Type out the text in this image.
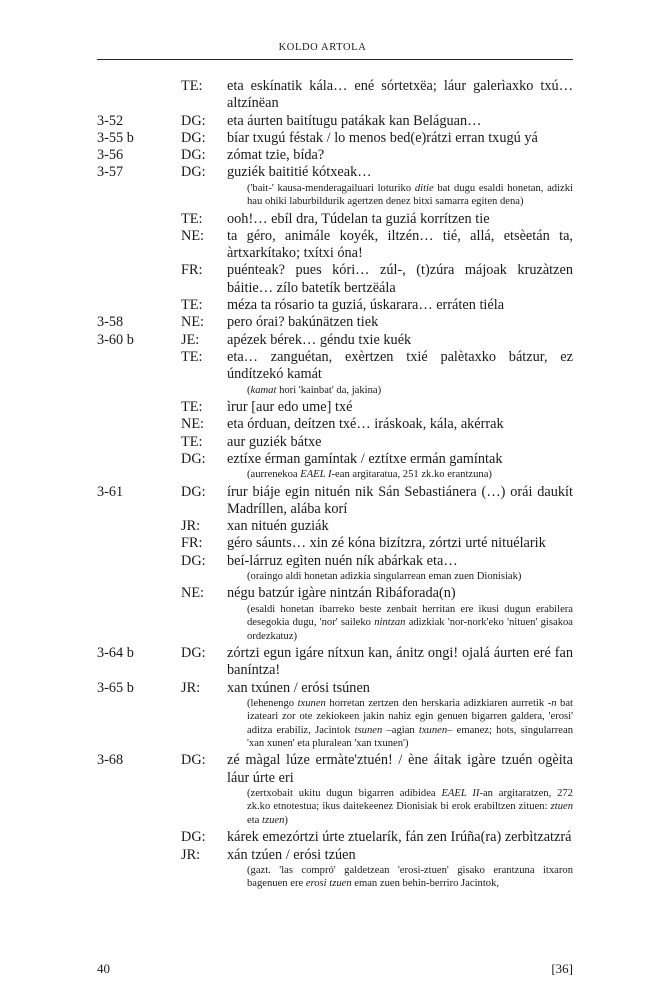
KOLDO ARTOLA
TE:	eta eskínatik kála… ené sórtetxëa; láur galerìaxko txú… altzínëan
3-52	DG:	eta áurten baitítugu patákak kan Beláguan…
3-55 b	DG:	bíar txugú féstak / lo menos bed(e)rátzi erran txugú yá
3-56	DG:	zómat tzie, bída?
3-57	DG:	guziék baititié kótxeak…
('bait-' kausa-menderagailuari loturiko ditie bat dugu esaldi honetan, adizki hau ohiki laburbildurik agertzen denez bitxi samarra egiten dena)
TE:	ooh!… ebíl dra, Túdelan ta guziá korrítzen tie
NE:	ta géro, animále koyék, iltzén… tié, allá, etsèetán ta, àrtxarkítako; txítxi óna!
FR:	puénteak? pues kóri… zúl-, (t)zúra májoak kruzàtzen báitie… zílo batetík bertzëála
TE:	méza ta rósario ta guziá, úskarara… erráten tiéla
3-58	NE:	pero órai? bakúnätzen tiek
3-60 b	JE:	apézek bérek… géndu txie kuék
TE:	eta… zanguétan, exèrtzen txié palètaxko bátzur, ez úndítzekó kamát
(kamat hori 'kainbat' da, jakina)
TE:	ìrur [aur edo ume] txé
NE:	eta órduan, deítzen txé… iráskoak, kála, akérrak
TE:	aur guziék bátxe
DG:	eztíxe érman gamíntak / eztítxe ermán gamíntak
(aurrenekoa EAEL I-ean argitaratua, 251 zk.ko erantzuna)
3-61	DG:	írur biáje egin nituén nik Sán Sebastiánera (…) orái daukít Madríllen, alába korí
JR:	xan nituén guziák
FR:	géro sáunts… xin zé kóna bizítzra, zórtzi urté nituélarik
DG:	beí-lárruz egìten nuén ník abárkak eta…
(oraingo aldi honetan adizkia singularrean eman zuen Dionisiak)
NE:	négu batzúr igàre nintzán Ribáforada(n)
(esaldi honetan ibarreko beste zenbait herritan ere ikusi dugun erabilera desegokia dugu, 'nor' saileko nintzan adizkiak 'nor-nork'eko 'nituen' gisakoa ordezkatuz)
3-64 b	DG:	zórtzi egun igáre nítxun kan, ánitz ongi! ojalá áurten eré fan baníntza!
3-65 b	JR:	xan txúnen / erósi tsúnen
(lehenengo txunen horretan zertzen den herskaria adizkiaren aurretik -n bat izateari zor ote zekiokeen jakin nahiz egin genuen bigarren galdera, 'erosi' aditza erabiliz, Jacintok tsunen –agian txunen– emanez; hots, singularrean 'xan xunen' eta pluralean 'xan txunen')
3-68	DG:	zé màgal lúze ermàte'ztuén! / ène áitak igàre tzuén ogèita láur úrte eri
(zertxobait ukitu dugun bigarren adibidea EAEL II-an argitaratzen, 272 zk.ko etnotestua; ikus daitekeenez Dionisiak bi erok erabiltzen zituen: ztuen eta tzuen)
DG:	kárek emezórtzi úrte ztuelarík, fán zen Irúña(ra) zerbìtzatzrá
JR:	xán tzúen / erósi tzúen
(gazt. 'las compró' galdetzean 'erosi-ztuen' gisako erantzuna itxaron bagenuen ere erosi tzuen eman zuen behin-berriro Jacintok,
40	[36]
